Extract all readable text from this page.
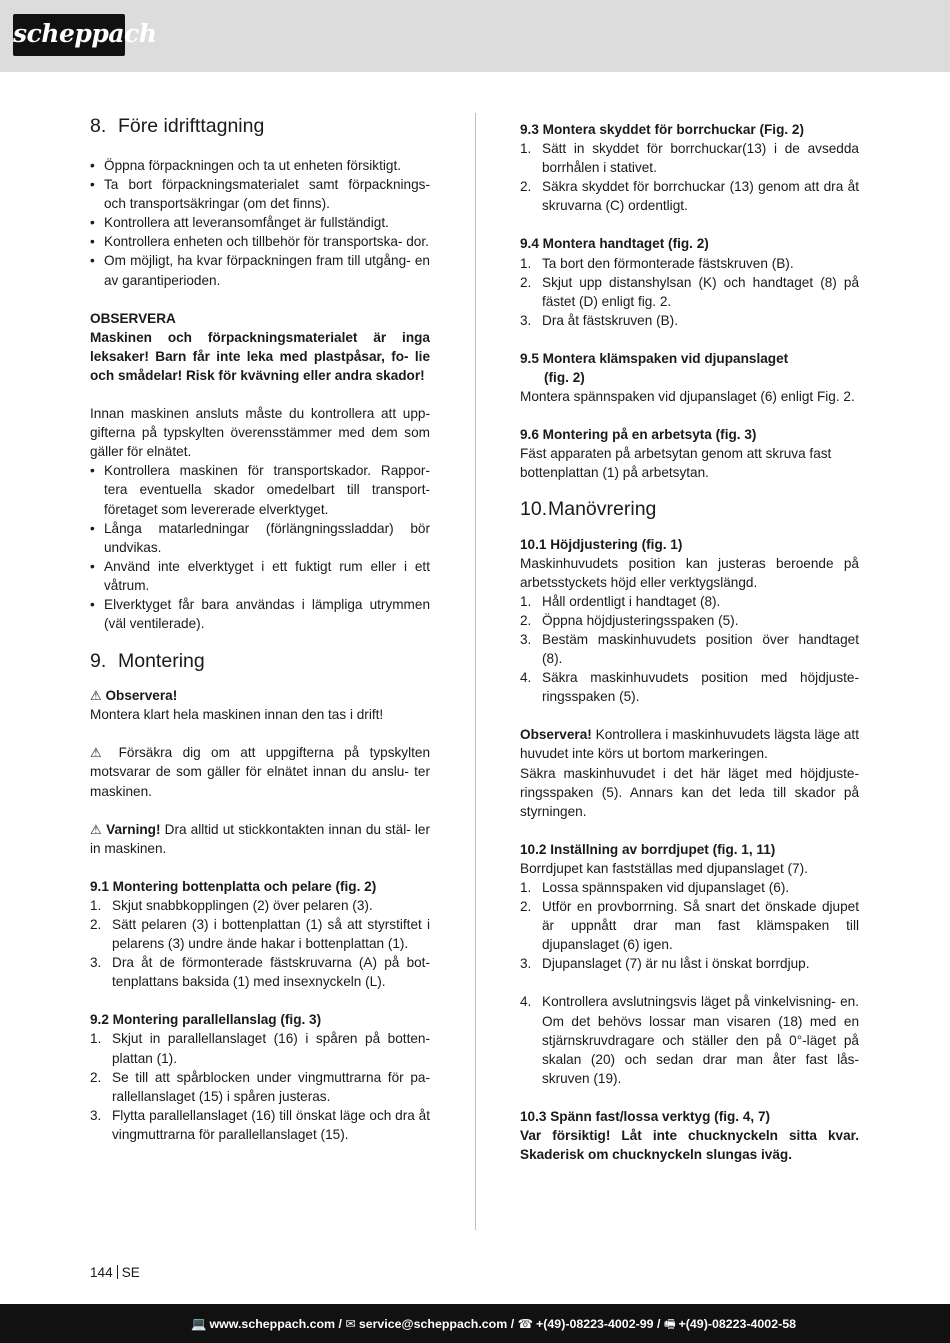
scheppach
8. Före idrifttagning
• Öppna förpackningen och ta ut enheten försiktigt.
• Ta bort förpackningsmaterialet samt förpacknings- och transportsäkringar (om det finns).
• Kontrollera att leveransomfånget är fullständigt.
• Kontrollera enheten och tillbehör för transportska- dor.
• Om möjligt, ha kvar förpackningen fram till utgång- en av garantiperioden.
OBSERVERA

Maskinen och förpackningsmaterialet är inga leksaker! Barn får inte leka med plastpåsar, fo- lie och smådelar! Risk för kvävning eller andra skador!

Innan maskinen ansluts måste du kontrollera att upp- gifterna på typskylten överensstämmer med dem som gäller för elnätet.

• Kontrollera maskinen för transportskador. Rappor- tera eventuella skador omedelbart till transport- företaget som levererade elverktyget.
• Långa matarledningar (förlängningssladdar) bör undvikas.
• Använd inte elverktyget i ett fuktigt rum eller i ett våtrum.
• Elverktyget får bara användas i lämpliga utrymmen (väl ventilerade).
9. Montering

⚠ Observera!

Montera klart hela maskinen innan den tas i drift!

⚠ Försäkra dig om att uppgifterna på typskylten motsvarar de som gäller för elnätet innan du anslu- ter maskinen.

⚠ Varning! Dra alltid ut stickkontakten innan du stäl- ler in maskinen.

9.1 Montering bottenplatta och pelare (fig. 2)
1. Skjut snabbkopplingen (2) över pelaren (3).
2. Sätt pelaren (3) i bottenplattan (1) så att styrstiftet i pelarens (3) undre ände hakar i bottenplattan (1).
3. Dra åt de förmonterade fästskruvarna (A) på bot- tenplattans baksida (1) med insexnyckeln (L).
9.2 Montering parallellanslag (fig. 3)
1. Skjut in parallellanslaget (16) i spåren på botten- plattan (1).
2. Se till att spårblocken under vingmuttrarna för pa- rallellanslaget (15) i spåren justeras.
3. Flytta parallellanslaget (16) till önskat läge och dra åt vingmuttrarna för parallellanslaget (15).
9.3 Montera skyddet för borrchuckar (Fig. 2)
1. Sätt in skyddet för borrchuckar(13) i de avsedda borrhålen i stativet.
2. Säkra skyddet för borrchuckar (13) genom att dra åt skruvarna (C) ordentligt.
9.4 Montera handtaget (fig. 2)
1. Ta bort den förmonterade fästskruven (B).
2. Skjut upp distanshylsan (K) och handtaget (8) på fästet (D) enligt fig. 2.
3. Dra åt fästskruven (B).
9.5 Montera klämspaken vid djupanslaget
(fig. 2)

Montera spännspaken vid djupanslaget (6) enligt Fig. 2.

9.6 Montering på en arbetsyta (fig. 3)

Fäst apparaten på arbetsytan genom att skruva fast bottenplattan (1) på arbetsytan.

10. Manövrering
10.1 Höjdjustering (fig. 1)

Maskinhuvudets position kan justeras beroende på arbetsstyckets höjd eller verktygslängd.

1. Håll ordentligt i handtaget (8).
2. Öppna höjdjusteringsspaken (5).
3. Bestäm maskinhuvudets position över handtaget (8).
4. Säkra maskinhuvudets position med höjdjuste- ringsspaken (5).

Observera! Kontrollera i maskinhuvudets lägsta läge att huvudet inte körs ut bortom markeringen.

Säkra maskinhuvudet i det här läget med höjdjuste- ringsspaken (5). Annars kan det leda till skador på styrningen.

10.2 Inställning av borrdjupet (fig. 1, 11)

Borrdjupet kan fastställas med djupanslaget (7).

1. Lossa spännspaken vid djupanslaget (6).
2. Utför en provborrning. Så snart det önskade djupet är uppnått drar man fast klämspaken till djupanslaget (6) igen.
3. Djupanslaget (7) är nu låst i önskat borrdjup.
4. Kontrollera avslutningsvis läget på vinkelvisning- en. Om det behövs lossar man visaren (18) med en stjärnskruvdragare och ställer den på 0°-läget på skalan (20) och sedan drar man åter fast lås- skruven (19).
10.3 Spänn fast/lossa verktyg (fig. 4, 7)

Var försiktig! Låt inte chucknyckeln sitta kvar. Skaderisk om chucknyckeln slungas iväg.

144 SE
💻 www.scheppach.com / ✉ service@scheppach.com / ☎ +(49)-08223-4002-99 / 🖷 +(49)-08223-4002-58
